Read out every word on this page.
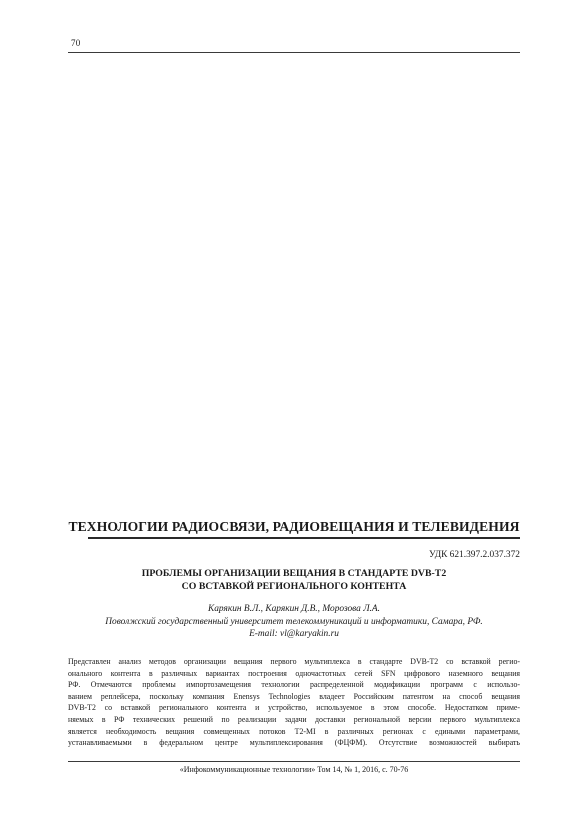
70
ТЕХНОЛОГИИ РАДИОСВЯЗИ, РАДИОВЕЩАНИЯ И ТЕЛЕВИДЕНИЯ
УДК 621.397.2.037.372
ПРОБЛЕМЫ ОРГАНИЗАЦИИ ВЕЩАНИЯ В СТАНДАРТЕ DVB-T2
СО ВСТАВКОЙ РЕГИОНАЛЬНОГО КОНТЕНТА
Карякин В.Л., Карякин Д.В., Морозова Л.А.
Поволжский государственный университет телекоммуникаций и информатики, Самара, РФ.
E-mail: vl@karyakin.ru
Представлен анализ методов организации вещания первого мультиплекса в стандарте DVB-T2 со вставкой регио-
онального контента в различных вариантах построения одночастотных сетей SFN цифрового наземного вещания
РФ. Отмечаются проблемы импортозамещения технологии распределенной модификации программ с использо-
ванием реплейсера, поскольку компания Enensys Technologies владеет Российским патентом на способ вещания
DVB-T2 со вставкой регионального контента и устройство, используемое в этом способе. Недостатком приме-
няемых в РФ технических решений по реализации задачи доставки региональной версии первого мультиплекса
является необходимость вещания совмещенных потоков T2-MI в различных регионах с едиными параметрами,
устанавливаемыми в федеральном центре мультиплексирования (ФЦФМ). Отсутствие возможностей выбирать
«Инфокоммуникационные технологии» Том 14, № 1, 2016, с. 70-76
